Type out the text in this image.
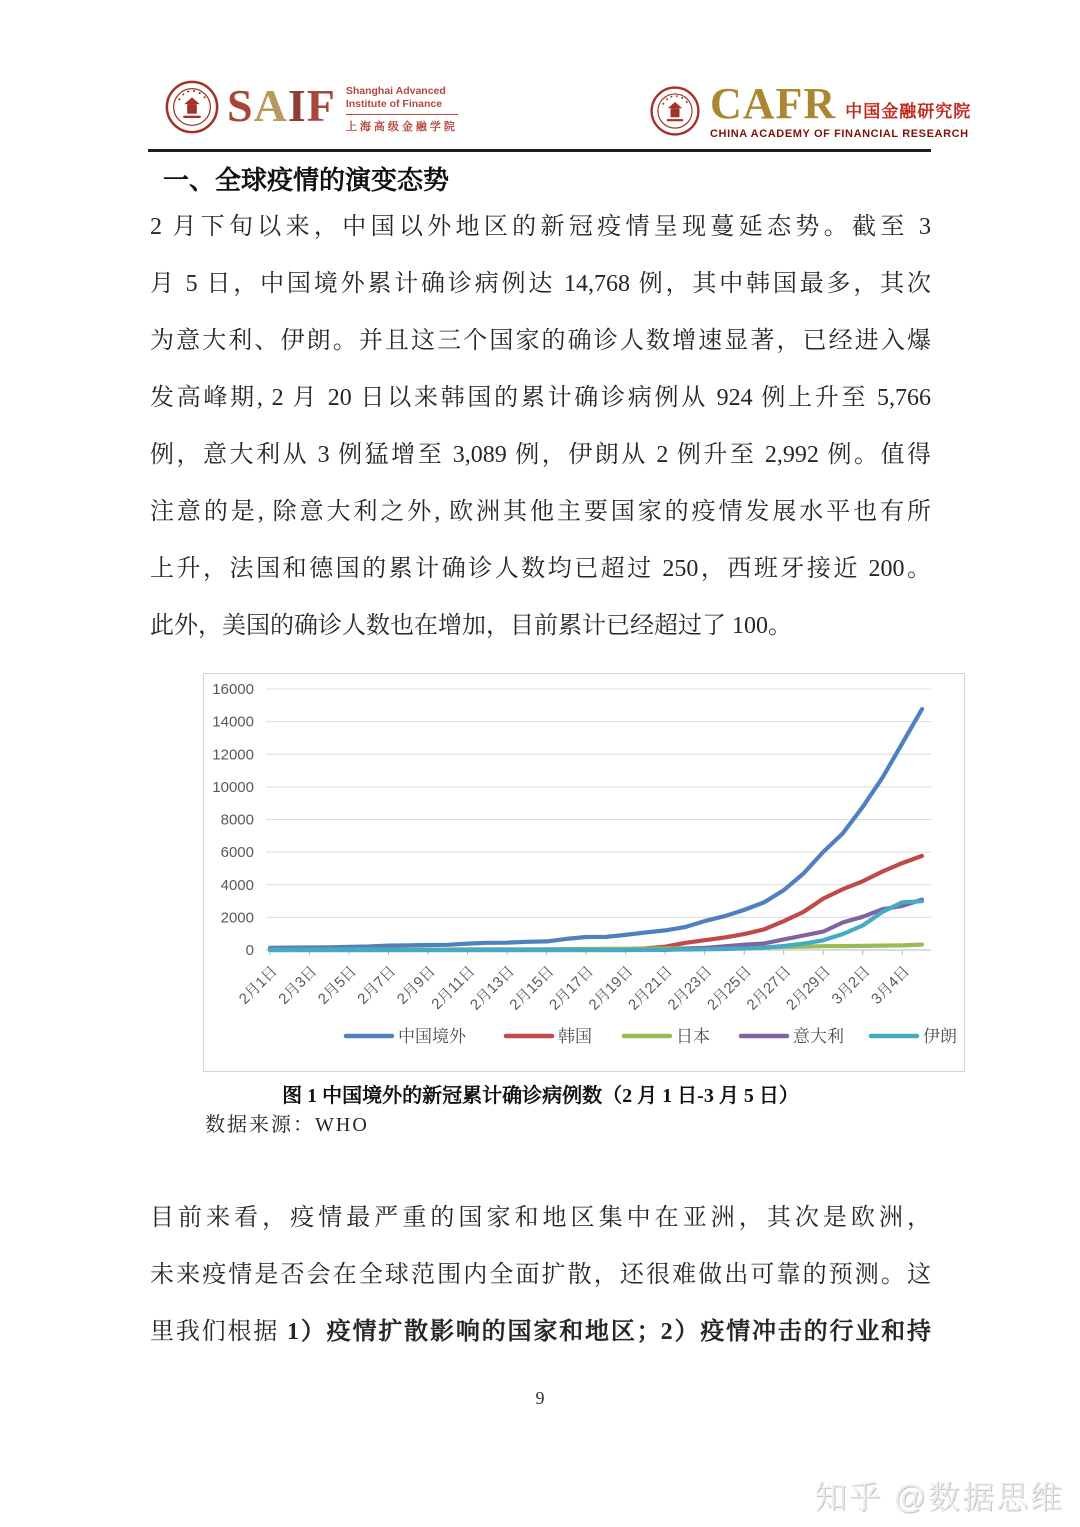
SAIF Shanghai Advanced
Institute of Finance
上海高级金融学院	CAFR 中国金融研究院
CHINA ACADEMY OF FINANCIAL RESEARCH
一、全球疫情的演变态势
2 月下旬以来，中国以外地区的新冠疫情呈现蔓延态势。截至 3
月 5 日，中国境外累计确诊病例达 14,768 例，其中韩国最多，其次
为意大利、伊朗。并且这三个国家的确诊人数增速显著，已经进入爆
发高峰期, 2 月 20 日以来韩国的累计确诊病例从 924 例上升至 5,766
例，意大利从 3 例猛增至 3,089 例，伊朗从 2 例升至 2,992 例。值得
注意的是, 除意大利之外, 欧洲其他主要国家的疫情发展水平也有所
上升，法国和德国的累计确诊人数均已超过 250，西班牙接近 200。
此外，美国的确诊人数也在增加，目前累计已经超过了 100。
0
2000
4000
6000
8000
10000
12000
14000
16000
2月1日
2月3日
2月5日
2月7日
2月9日
2月11日
2月13日
2月15日
2月17日
2月19日
2月21日
2月23日
2月25日
2月27日
2月29日
3月2日
3月4日
中国境外	韩国	日本	意大利	伊朗
图 1 中国境外的新冠累计确诊病例数（2 月 1 日-3 月 5 日）
数据来源：WHO
目前来看，疫情最严重的国家和地区集中在亚洲，其次是欧洲，
未来疫情是否会在全球范围内全面扩散，还很难做出可靠的预测。这
里我们根据 1）疫情扩散影响的国家和地区；2）疫情冲击的行业和持
9
知乎 @数据思维
